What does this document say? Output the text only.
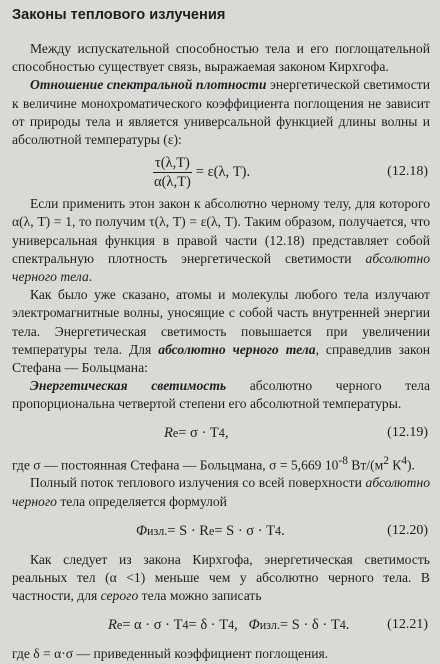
Законы теплового излучения

Между испускательной способностью тела и его поглощательной способностью существует связь, выражаемая законом Кирхгофа.

Отношение спектральной плотности энергетической светимости к величине монохроматического коэффициента поглощения не зависит от природы тела и является универсальной функцией длины волны и абсолютной температуры (ε):

$\frac{\tau(\lambda,T)}{\alpha(\lambda,T)} = \varepsilon(\lambda$, T).	(12.18)

Если применить этон закон к абсолютно черному телу, для которого α(λ, T) = 1, то получим τ(λ, T) = ε(λ, T). Таким образом, получается, что универсальная функция в правой части (12.18) представляет собой спектральную плотность энергетической светимости абсолютно черного тела.

Как было уже сказано, атомы и молекулы любого тела излучают электромагнитные волны, уносящие с собой часть внутренней энергии тела. Энергетическая светимость повышается при увеличении температуры тела. Для абсолютно черного тела, справедлив закон Стефана — Больцмана:

Энергетическая светимость абсолютно черного тела пропорциональна четвертой степени его абсолютной температуры.

R e = σ · T 4 ,	(12.19)

где σ — постоянная Стефана — Больцмана, σ = 5,669 $10^{-8}$ $Вт/(м^2$ $К^4$).

Полный поток теплового излучения со всей поверхности абсолютно черного тела определяется формулой

Φ изл. = S · R e = S · σ · T 4 .	(12.20)

Как следует из закона Кирхгофа, энергетическая светимость реальных тел (α <1) меньше чем у абсолютно черного тела. В частности, для серого тела можно записать

R e = α · σ · T 4 = δ · T 4 , Φ изл. = S · δ · T 4 .	(12.21)

где δ = α·σ — приведенный коэффициент поглощения.
